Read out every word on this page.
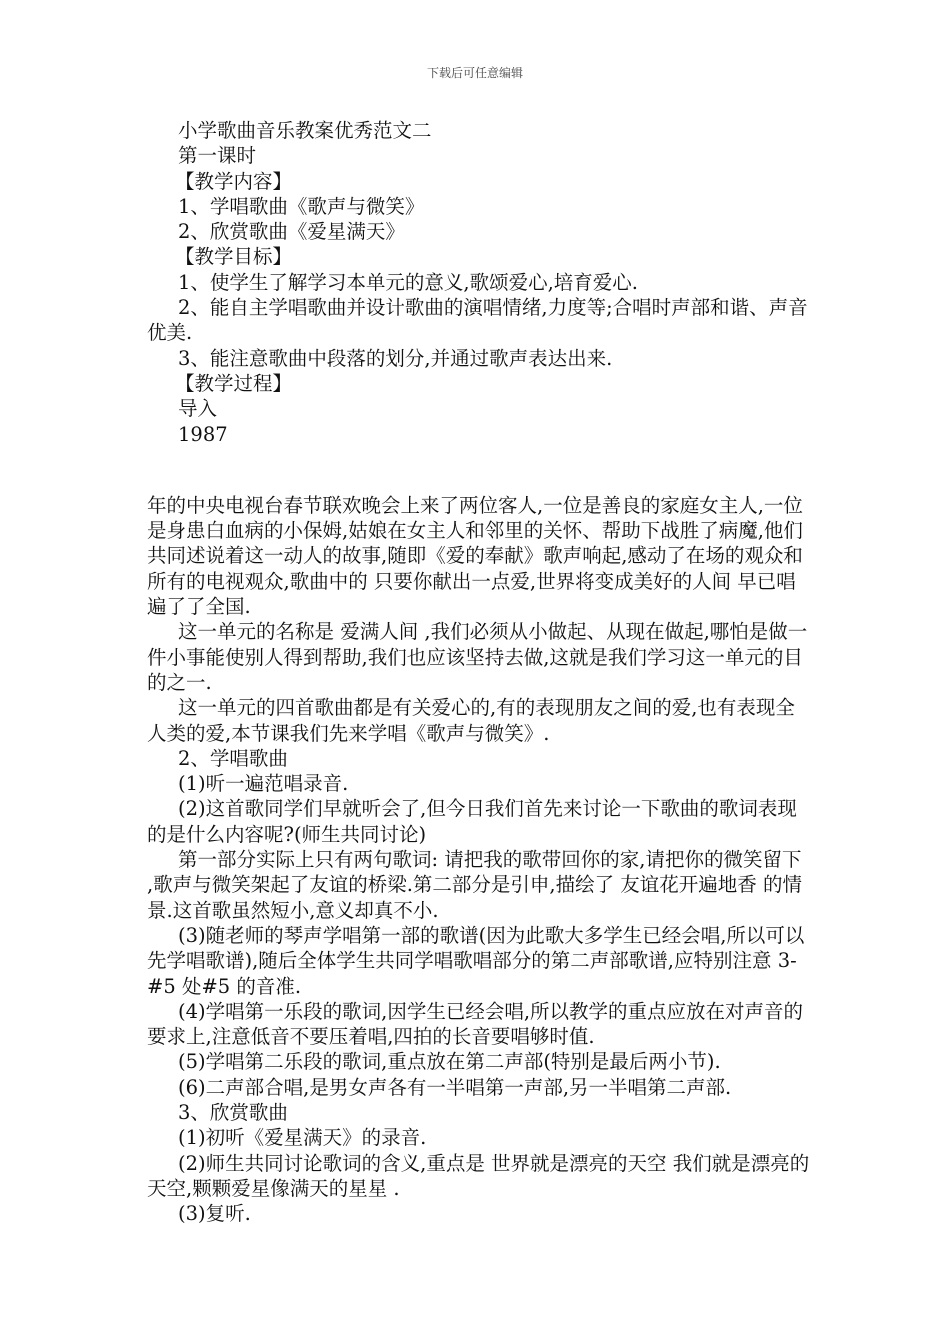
下载后可任意编辑

小学歌曲音乐教案优秀范文二

第一课时

【教学内容】

1、学唱歌曲《歌声与微笑》

2、欣赏歌曲《爱星满天》

【教学目标】

1、使学生了解学习本单元的意义,歌颂爱心,培育爱心.

2、能自主学唱歌曲并设计歌曲的演唱情绪,力度等;合唱时声部和谐、声音优美.

3、能注意歌曲中段落的划分,并通过歌声表达出来.

【教学过程】

导入

1987

年的中央电视台春节联欢晚会上来了两位客人,一位是善良的家庭女主人,一位是身患白血病的小保姆,姑娘在女主人和邻里的关怀、帮助下战胜了病魔,他们共同述说着这一动人的故事,随即《爱的奉献》歌声响起,感动了在场的观众和所有的电视观众,歌曲中的 只要你献出一点爱,世界将变成美好的人间 早已唱遍了了全国.

这一单元的名称是 爱满人间 ,我们必须从小做起、从现在做起,哪怕是做一件小事能使别人得到帮助,我们也应该坚持去做,这就是我们学习这一单元的目的之一.

这一单元的四首歌曲都是有关爱心的,有的表现朋友之间的爱,也有表现全人类的爱,本节课我们先来学唱《歌声与微笑》.

2、学唱歌曲

(1)听一遍范唱录音.

(2)这首歌同学们早就听会了,但今日我们首先来讨论一下歌曲的歌词表现的是什么内容呢?(师生共同讨论)

第一部分实际上只有两句歌词: 请把我的歌带回你的家,请把你的微笑留下 ,歌声与微笑架起了友谊的桥梁.第二部分是引申,描绘了 友谊花开遍地香 的情景.这首歌虽然短小,意义却真不小.

(3)随老师的琴声学唱第一部的歌谱(因为此歌大多学生已经会唱,所以可以先学唱歌谱),随后全体学生共同学唱歌唱部分的第二声部歌谱,应特别注意 3-#5 处#5 的音准.

(4)学唱第一乐段的歌词,因学生已经会唱,所以教学的重点应放在对声音的要求上,注意低音不要压着唱,四拍的长音要唱够时值.

(5)学唱第二乐段的歌词,重点放在第二声部(特别是最后两小节).

(6)二声部合唱,是男女声各有一半唱第一声部,另一半唱第二声部.

3、欣赏歌曲

(1)初听《爱星满天》的录音.

(2)师生共同讨论歌词的含义,重点是 世界就是漂亮的天空 我们就是漂亮的天空,颗颗爱星像满天的星星 .

(3)复听.
